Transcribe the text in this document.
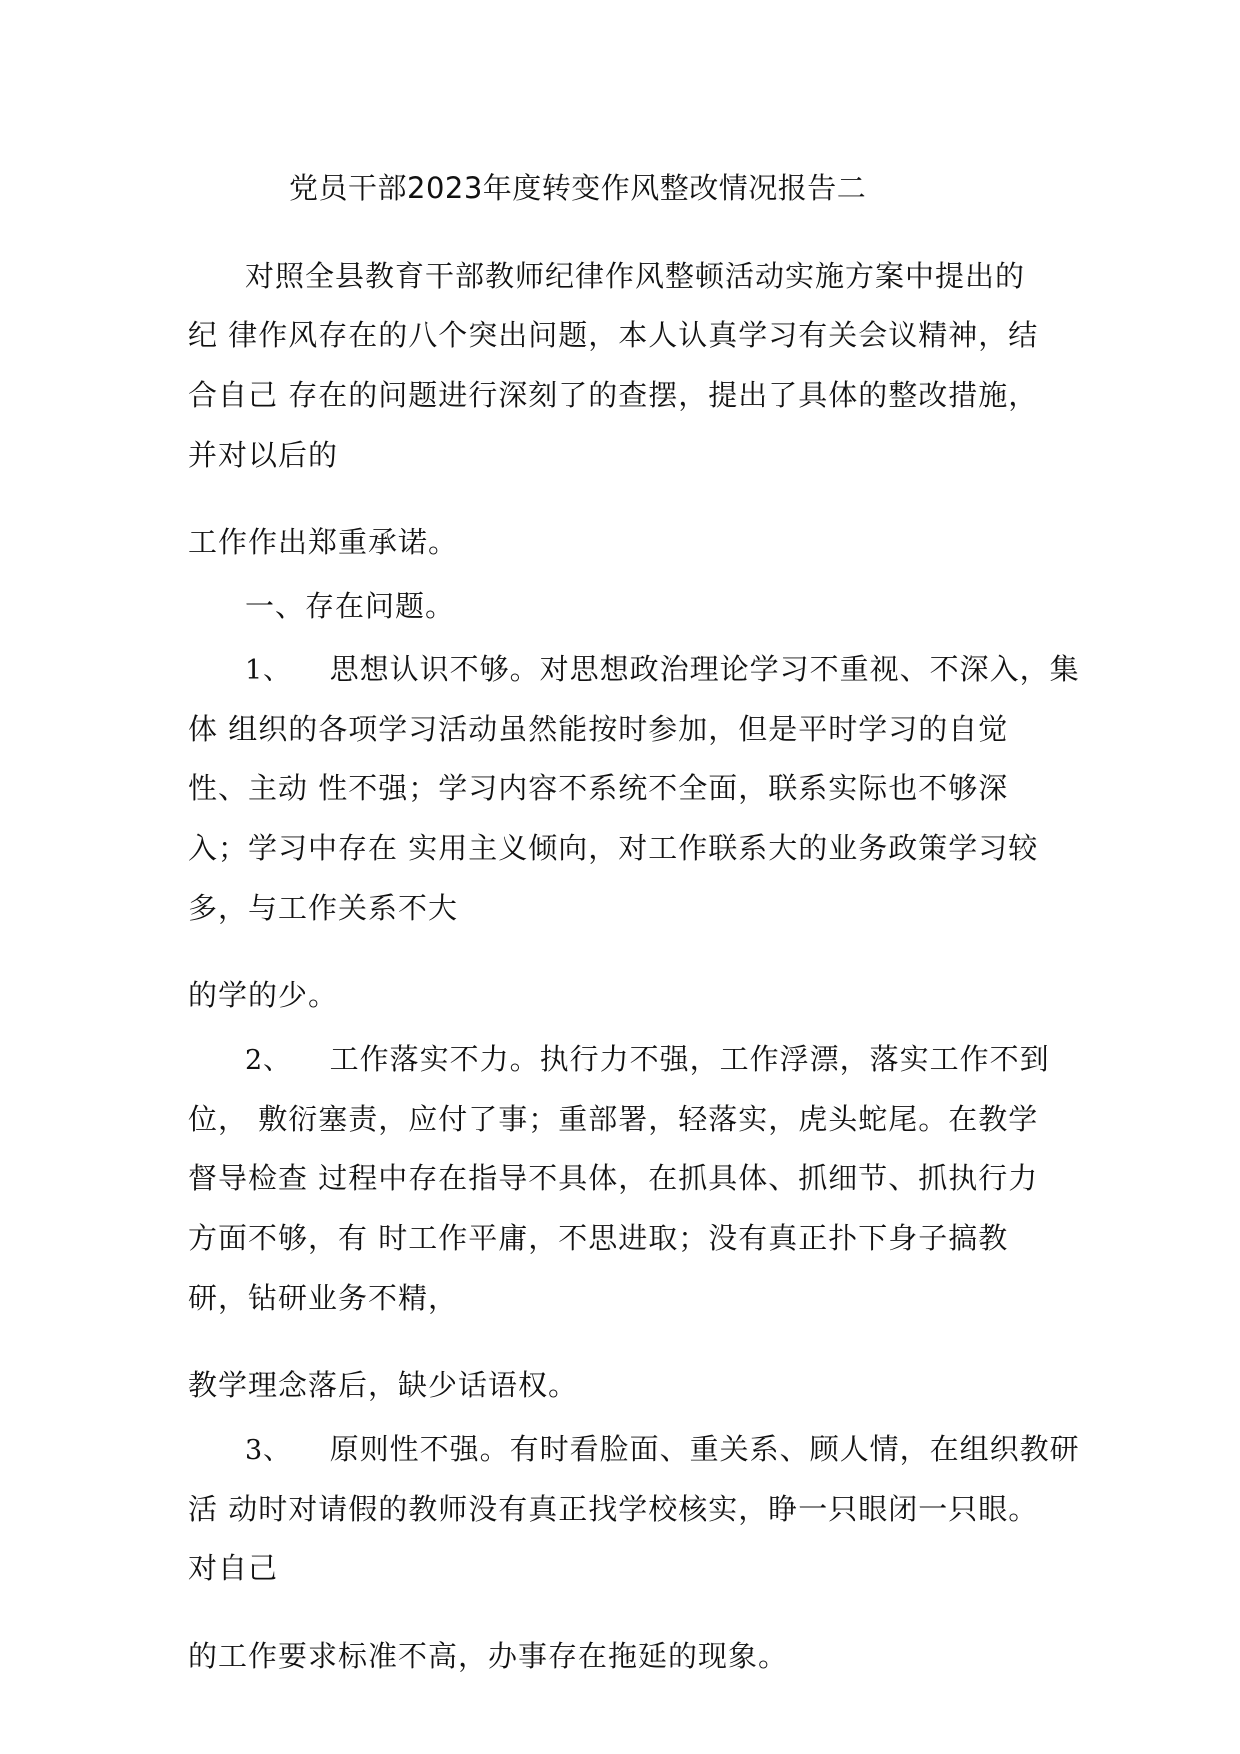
党员干部2023年度转变作风整改情况报告二
对照全县教育干部教师纪律作风整顿活动实施方案中提出的
纪 律作风存在的八个突出问题，本人认真学习有关会议精神，结
合自己 存在的问题进行深刻了的查摆，提出了具体的整改措施，
并对以后的
工作作出郑重承诺。
一、存在问题。
1、 思想认识不够。对思想政治理论学习不重视、不深入，集
体 组织的各项学习活动虽然能按时参加，但是平时学习的自觉
性、主动 性不强；学习内容不系统不全面，联系实际也不够深
入；学习中存在 实用主义倾向，对工作联系大的业务政策学习较
多，与工作关系不大
的学的少。
2、 工作落实不力。执行力不强，工作浮漂，落实工作不到
位， 敷衍塞责，应付了事；重部署，轻落实，虎头蛇尾。在教学
督导检查 过程中存在指导不具体，在抓具体、抓细节、抓执行力
方面不够，有 时工作平庸，不思进取；没有真正扑下身子搞教
研，钻研业务不精，
教学理念落后，缺少话语权。
3、 原则性不强。有时看脸面、重关系、顾人情，在组织教研
活 动时对请假的教师没有真正找学校核实，睁一只眼闭一只眼。
对自己
的工作要求标准不高，办事存在拖延的现象。
